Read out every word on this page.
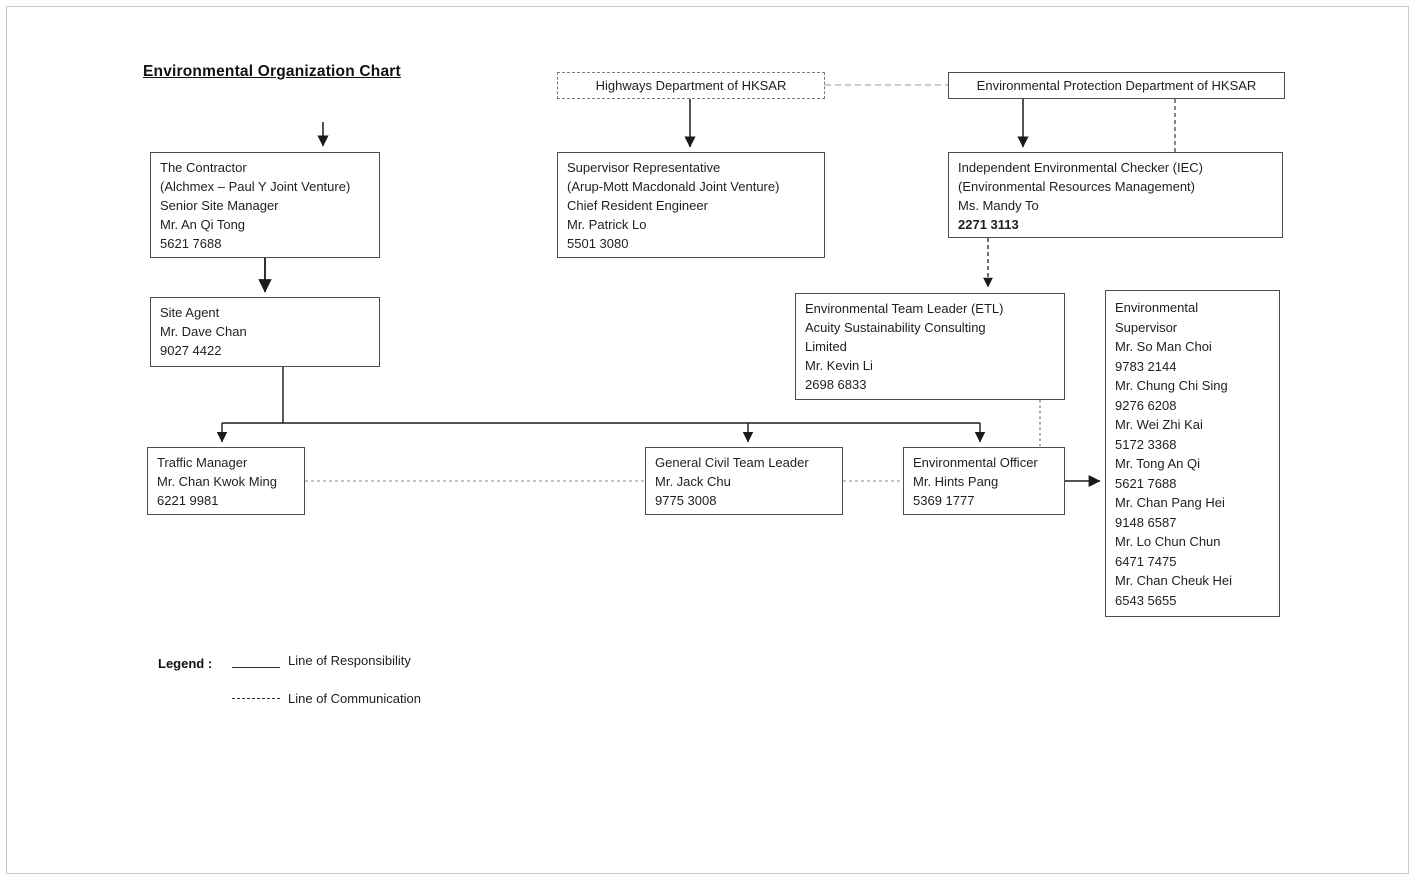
Environmental Organization Chart
Highways Department of HKSAR	Environmental Protection Department of HKSAR
The Contractor
(Alchmex – Paul Y Joint Venture)
Senior Site Manager
Mr. An Qi Tong
5621 7688
Supervisor Representative
(Arup-Mott Macdonald Joint Venture)
Chief Resident Engineer
Mr. Patrick Lo
5501 3080
Independent Environmental Checker (IEC)
(Environmental Resources Management)
Ms. Mandy To
2271 3113
Site Agent
Mr. Dave Chan
9027 4422
Environmental Team Leader (ETL)
Acuity Sustainability Consulting
Limited
Mr. Kevin Li
2698 6833
Environmental
Supervisor
Mr. So Man Choi
9783 2144
Mr. Chung Chi Sing
9276 6208
Mr. Wei Zhi Kai
5172 3368
Mr. Tong An Qi
5621 7688
Mr. Chan Pang Hei
9148 6587
Mr. Lo Chun Chun
6471 7475
Mr. Chan Cheuk Hei
6543 5655
Traffic Manager
Mr. Chan Kwok Ming
6221 9981
General Civil Team Leader
Mr. Jack Chu
9775 3008
Environmental Officer
Mr. Hints Pang
5369 1777
Legend :	Line of Responsibility
Line of Communication
